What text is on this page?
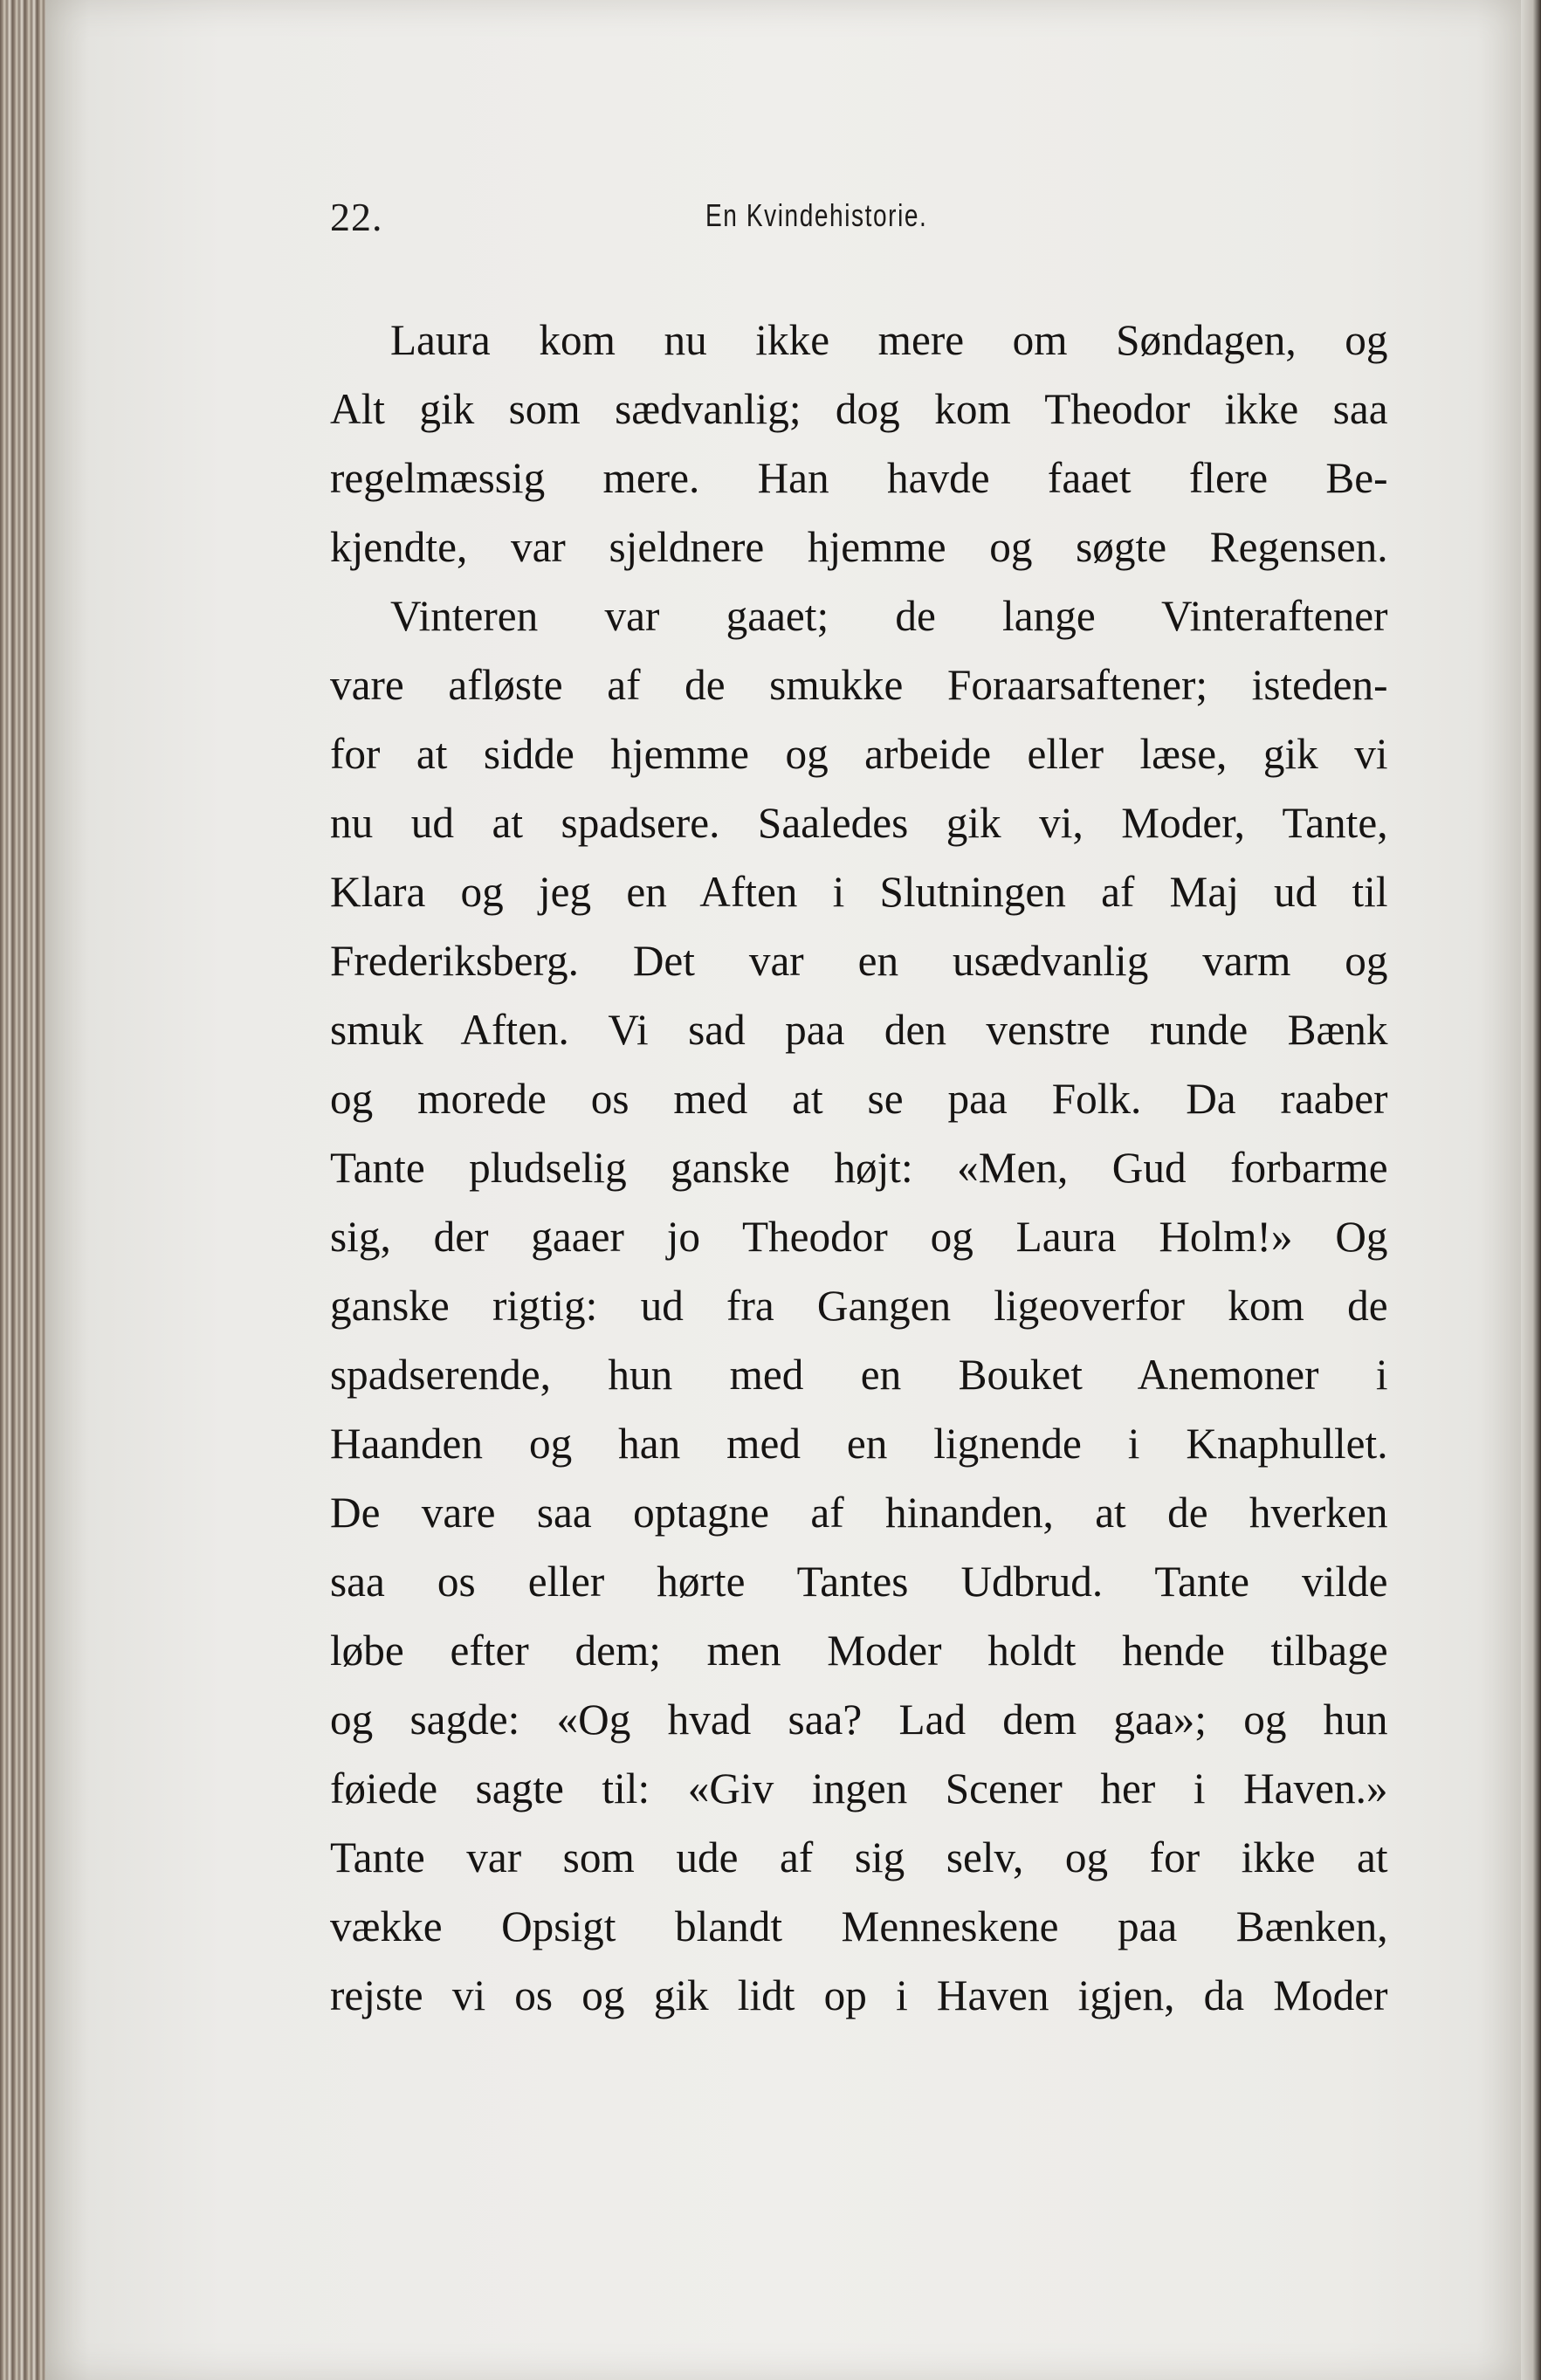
22.	En Kvindehistorie.
Laura kom nu ikke mere om Søndagen, og
Alt gik som sædvanlig; dog kom Theodor ikke saa
regelmæssig mere. Han havde faaet flere Be-
kjendte, var sjeldnere hjemme og søgte Regensen.
Vinteren var gaaet; de lange Vinteraftener
vare afløste af de smukke Foraarsaftener; isteden-
for at sidde hjemme og arbeide eller læse, gik vi
nu ud at spadsere. Saaledes gik vi, Moder, Tante,
Klara og jeg en Aften i Slutningen af Maj ud til
Frederiksberg. Det var en usædvanlig varm og
smuk Aften. Vi sad paa den venstre runde Bænk
og morede os med at se paa Folk. Da raaber
Tante pludselig ganske højt: «Men, Gud forbarme
sig, der gaaer jo Theodor og Laura Holm!» Og
ganske rigtig: ud fra Gangen ligeoverfor kom de
spadserende, hun med en Bouket Anemoner i
Haanden og han med en lignende i Knaphullet.
De vare saa optagne af hinanden, at de hverken
saa os eller hørte Tantes Udbrud. Tante vilde
løbe efter dem; men Moder holdt hende tilbage
og sagde: «Og hvad saa? Lad dem gaa»; og hun
føiede sagte til: «Giv ingen Scener her i Haven.»
Tante var som ude af sig selv, og for ikke at
vække Opsigt blandt Menneskene paa Bænken,
rejste vi os og gik lidt op i Haven igjen, da Moder
